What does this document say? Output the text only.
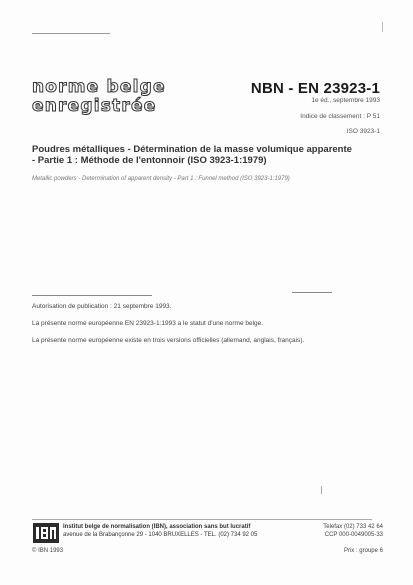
norme belge
enregistrée
NBN - EN 23923-1
1e éd., septembre 1993
Indice de classement : P 51
ISO 3923-1
Poudres métalliques - Détermination de la masse volumique apparente
- Partie 1 : Méthode de l'entonnoir (ISO 3923-1:1979)
Metallic powders - Determination of apparent density - Part 1 : Funnel method (ISO 3923-1:1979)
Autorisation de publication : 21 septembre 1993.
La présente norme européenne EN 23923-1:1993 a le statut d'une norme belge.
La présente norme européenne existe en trois versions officielles (allemand, anglais, français).
Institut belge de normalisation (IBN), association sans but lucratif
avenue de la Brabançonne 29 - 1040 BRUXELLES - TEL. (02) 734 92 05
Telefax (02) 733 42 64
CCP 000-0049005-33
© IBN 1993	Prix : groupe 6
